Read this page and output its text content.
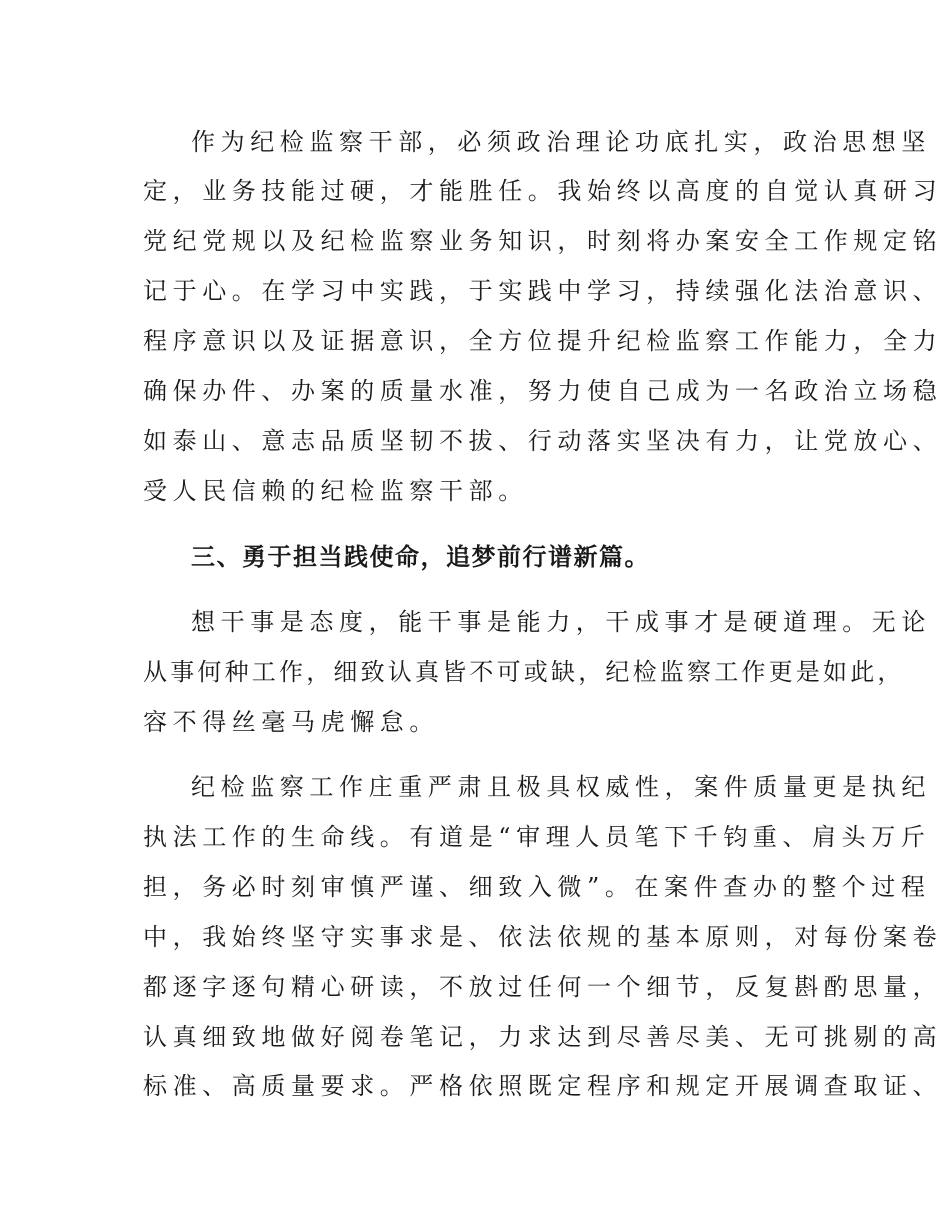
作为纪检监察干部，必须政治理论功底扎实，政治思想坚
定，业务技能过硬，才能胜任。我始终以高度的自觉认真研习
党纪党规以及纪检监察业务知识，时刻将办案安全工作规定铭
记于心。在学习中实践，于实践中学习，持续强化法治意识、
程序意识以及证据意识，全方位提升纪检监察工作能力，全力
确保办件、办案的质量水准，努力使自己成为一名政治立场稳
如泰山、意志品质坚韧不拔、行动落实坚决有力，让党放心、
受人民信赖的纪检监察干部。
三、勇于担当践使命，追梦前行谱新篇。
想干事是态度，能干事是能力，干成事才是硬道理。无论
从事何种工作，细致认真皆不可或缺，纪检监察工作更是如此，
容不得丝毫马虎懈怠。
纪检监察工作庄重严肃且极具权威性，案件质量更是执纪
执法工作的生命线。有道是“审理人员笔下千钧重、肩头万斤
担，务必时刻审慎严谨、细致入微”。在案件查办的整个过程
中，我始终坚守实事求是、依法依规的基本原则，对每份案卷
都逐字逐句精心研读，不放过任何一个细节，反复斟酌思量，
认真细致地做好阅卷笔记，力求达到尽善尽美、无可挑剔的高
标准、高质量要求。严格依照既定程序和规定开展调查取证、
